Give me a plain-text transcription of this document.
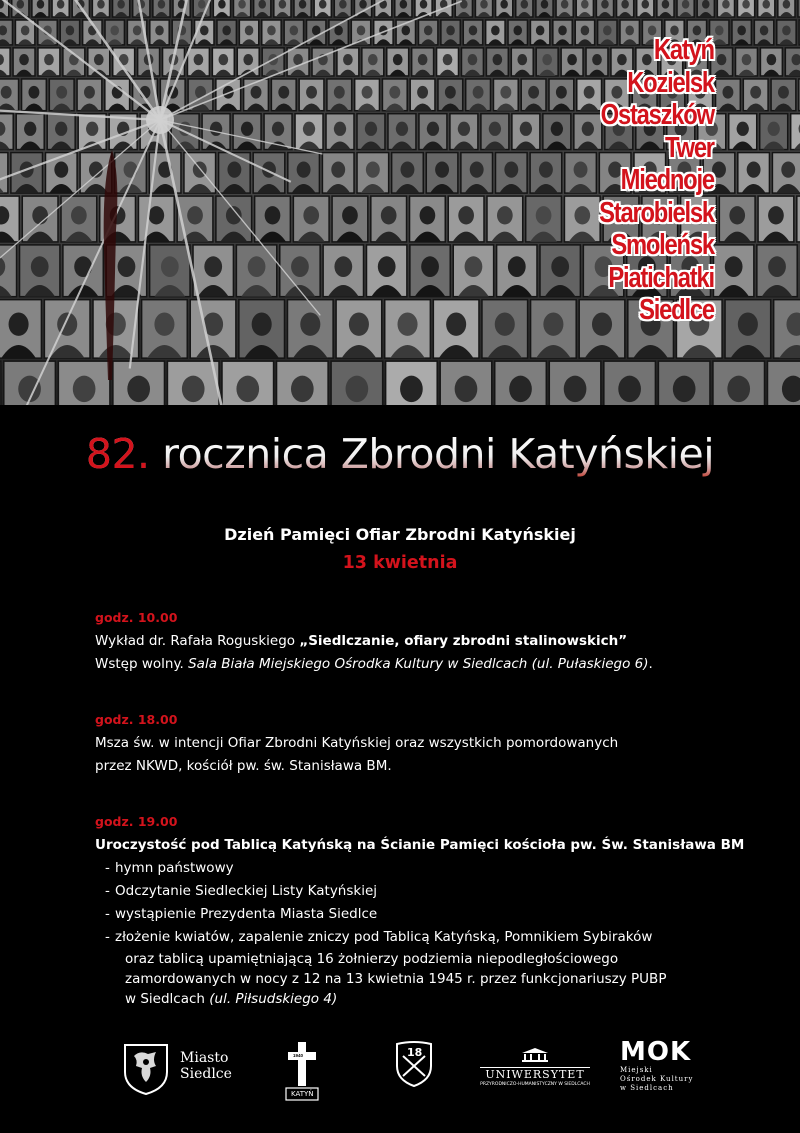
Katyń
Kozielsk
Ostaszków
Twer
Miednoje
Starobielsk
Smoleńsk
Piatichatki
Siedlce
82. rocznica Zbrodni Katyńskiej
Dzień Pamięci Ofiar Zbrodni Katyńskiej
13 kwietnia
godz. 10.00
Wykład dr. Rafała Roguskiego „Siedlczanie, ofiary zbrodni stalinowskich”
Wstęp wolny. Sala Biała Miejskiego Ośrodka Kultury w Siedlcach (ul. Pułaskiego 6).
godz. 18.00
Msza św. w intencji Ofiar Zbrodni Katyńskiej oraz wszystkich pomordowanych
przez NKWD, kościół pw. św. Stanisława BM.
godz. 19.00
Uroczystość pod Tablicą Katyńską na Ścianie Pamięci kościoła pw. Św. Stanisława BM
- hymn państwowy
- Odczytanie Siedleckiej Listy Katyńskiej
- wystąpienie Prezydenta Miasta Siedlce
- złożenie kwiatów, zapalenie zniczy pod Tablicą Katyńską, Pomnikiem Sybiraków
oraz tablicą upamiętniającą 16 żołnierzy podziemia niepodległościowego
zamordowanych w nocy z 12 na 13 kwietnia 1945 r. przez funkcjonariuszy PUBP
w Siedlcach (ul. Piłsudskiego 4)
Miasto
Siedlce
1940
KATYŃ
18
UNIWERSYTET
PRZYRODNICZO-HUMANISTYCZNY W SIEDLCACH
MOK
Miejski
Ośrodek Kultury
w Siedlcach
